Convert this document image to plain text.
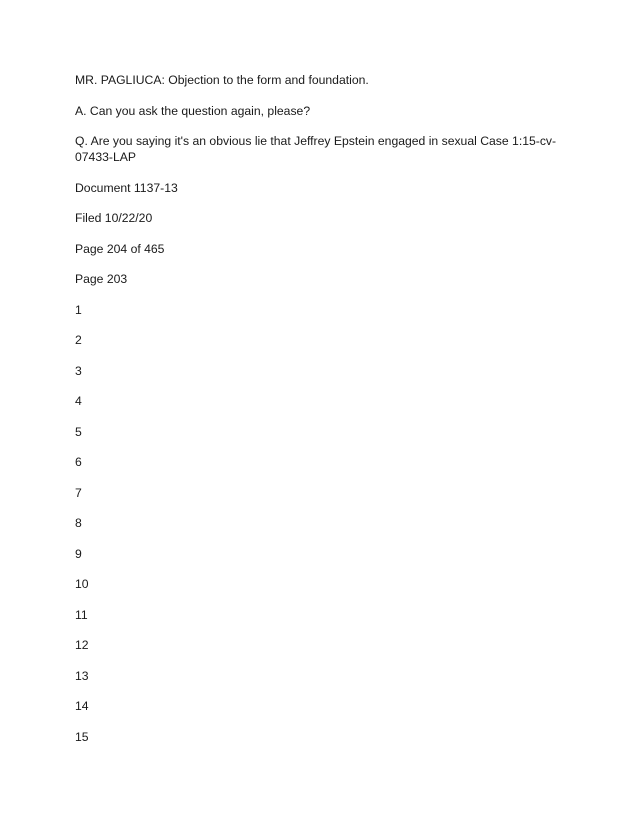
MR. PAGLIUCA: Objection to the form and foundation.

A. Can you ask the question again, please?

Q. Are you saying it's an obvious lie that Jeffrey Epstein engaged in sexual Case 1:15-cv-07433-LAP

Document 1137-13

Filed 10/22/20

Page 204 of 465

Page 203

1

2

3

4

5

6

7

8

9

10

11

12

13

14

15
